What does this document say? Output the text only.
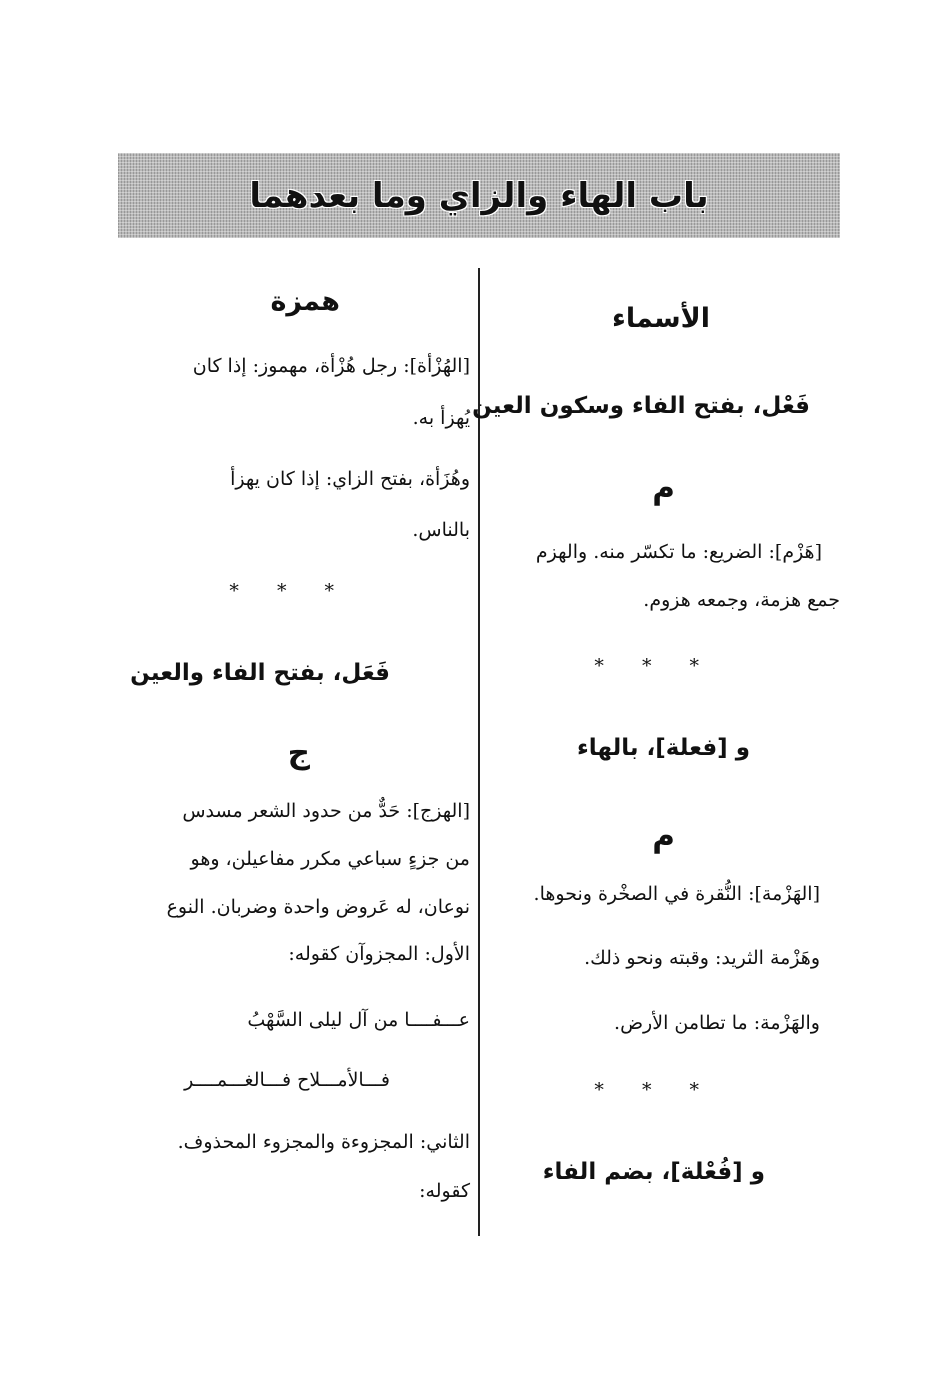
باب الهاء والزاي وما بعدهما
الأسماء
فَعْل، بفتح الفاء وسكون العين
م
[هَزْم]: الضريع: ما تكسّر منه. والهزم
جمع هزمة، وجمعه هزوم.
* * *
و [فعلة]، بالهاء
م
[الهَزْمة]: النُّقرة في الصخْرة ونحوها.
وهَزْمة الثريد: وقبته ونحو ذلك.
والهَزْمة: ما تطامن الأرض.
* * *
و [فُعْلة]، بضم الفاء
همزة
[الهُزْأة]: رجل هُزْأة، مهموز: إذا كان
يُهزأ به.
وهُزَأة، بفتح الزاي: إذا كان يهزأ
بالناس.
* * *
فَعَل، بفتح الفاء والعين
ج
[الهزج]: حَدٌّ من حدود الشعر مسدس
من جزءٍ سباعي مكرر مفاعيلن، وهو
نوعان، له عَروض واحدة وضربان. النوع
الأول: المجزوآن كقوله:
عـــفــــا من آل ليلى السَّهْبُ
فـــالأمـــلاح فـــالغـــمــــر
الثاني: المجزوءة والمجزوء المحذوف.
كقوله:
